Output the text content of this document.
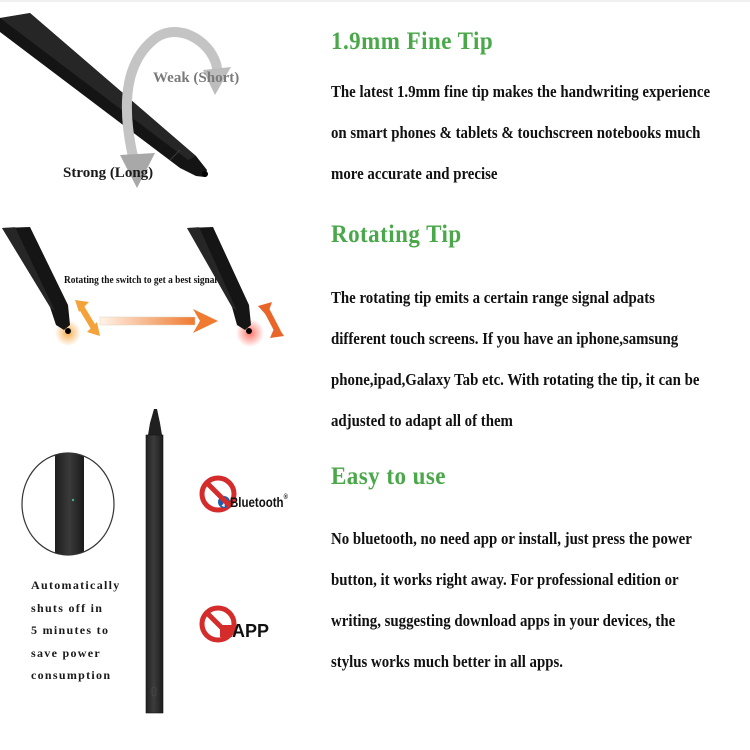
Weak (Short)
Strong (Long)
Rotating the switch to get a best signal
Automatically
shuts off in
5 minutes to
save power
consumption
Bluetooth®
APP
1.9mm Fine Tip
The latest 1.9mm fine tip makes the handwriting experience
on smart phones & tablets & touchscreen notebooks much
more accurate and precise
Rotating Tip
The rotating tip emits a certain range signal adpats
different touch screens. If you have an iphone,samsung
phone,ipad,Galaxy Tab etc. With rotating the tip, it can be
adjusted to adapt all of them
Easy to use
No bluetooth, no need app or install, just press the power
button, it works right away. For professional edition or
writing, suggesting download apps in your devices, the
stylus works much better in all apps.
